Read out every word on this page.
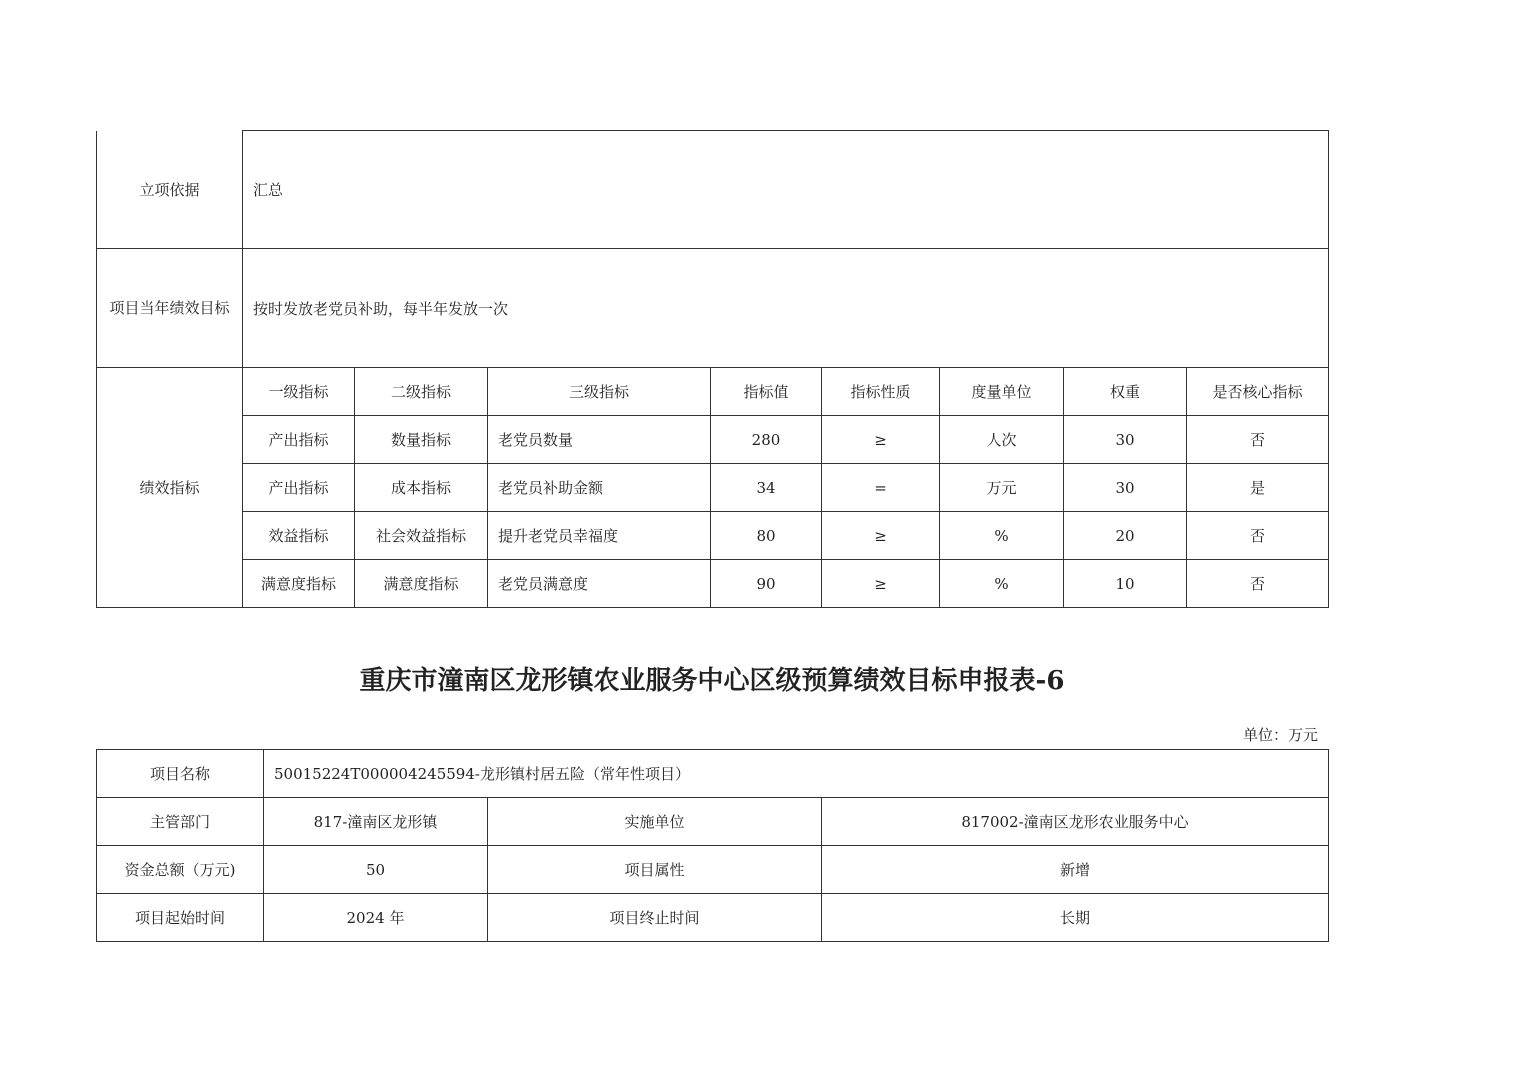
立项依据	汇总							
项目当年绩效目标	按时发放老党员补助，每半年发放一次							
绩效指标	一级指标	二级指标	三级指标	指标值	指标性质	度量单位	权重	是否核心指标
	产出指标	数量指标	老党员数量	280	≥	人次	30	否
	产出指标	成本指标	老党员补助金额	34	=	万元	30	是
	效益指标	社会效益指标	提升老党员幸福度	80	≥	%	20	否
	满意度指标	满意度指标	老党员满意度	90	≥	%	10	否
重庆市潼南区龙形镇农业服务中心区级预算绩效目标申报表-6
单位：万元
项目名称	50015224T000004245594-龙形镇村居五险（常年性项目）		
主管部门	817-潼南区龙形镇	实施单位	817002-潼南区龙形农业服务中心
资金总额（万元)	50	项目属性	新增
项目起始时间	2024 年	项目终止时间	长期
